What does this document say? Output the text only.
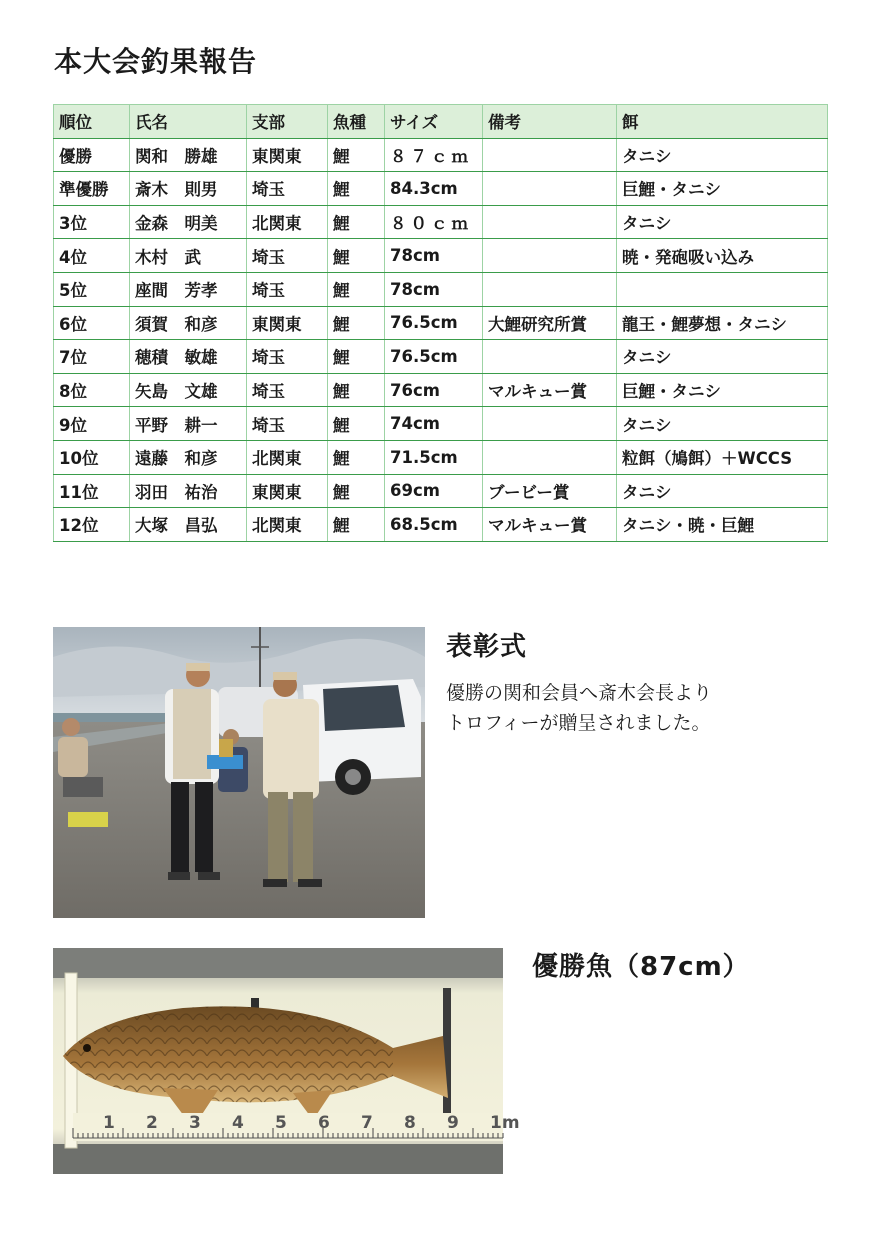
本大会釣果報告
順位	氏名	支部	魚種	サイズ	備考	餌
優勝	関和　勝雄	東関東	鯉	８７ｃｍ		タニシ
準優勝	斎木　則男	埼玉	鯉	84.3cm		巨鯉・タニシ
3位	金森　明美	北関東	鯉	８０ｃｍ		タニシ
4位	木村　武	埼玉	鯉	78cm		暁・発砲吸い込み
5位	座間　芳孝	埼玉	鯉	78cm		
6位	須賀　和彦	東関東	鯉	76.5cm	大鯉研究所賞	龍王・鯉夢想・タニシ
7位	穂積　敏雄	埼玉	鯉	76.5cm		タニシ
8位	矢島　文雄	埼玉	鯉	76cm	マルキュー賞	巨鯉・タニシ
9位	平野　耕一	埼玉	鯉	74cm		タニシ
10位	遠藤　和彦	北関東	鯉	71.5cm		粒餌（鳩餌）＋WCCS
11位	羽田　祐治	東関東	鯉	69cm	ブービー賞	タニシ
12位	大塚　昌弘	北関東	鯉	68.5cm	マルキュー賞	タニシ・暁・巨鯉
表彰式

優勝の関和会員へ斎木会長より
トロフィーが贈呈されました。

1 2 3 4 5 6 7 8 9 1m
優勝魚（87cm）
